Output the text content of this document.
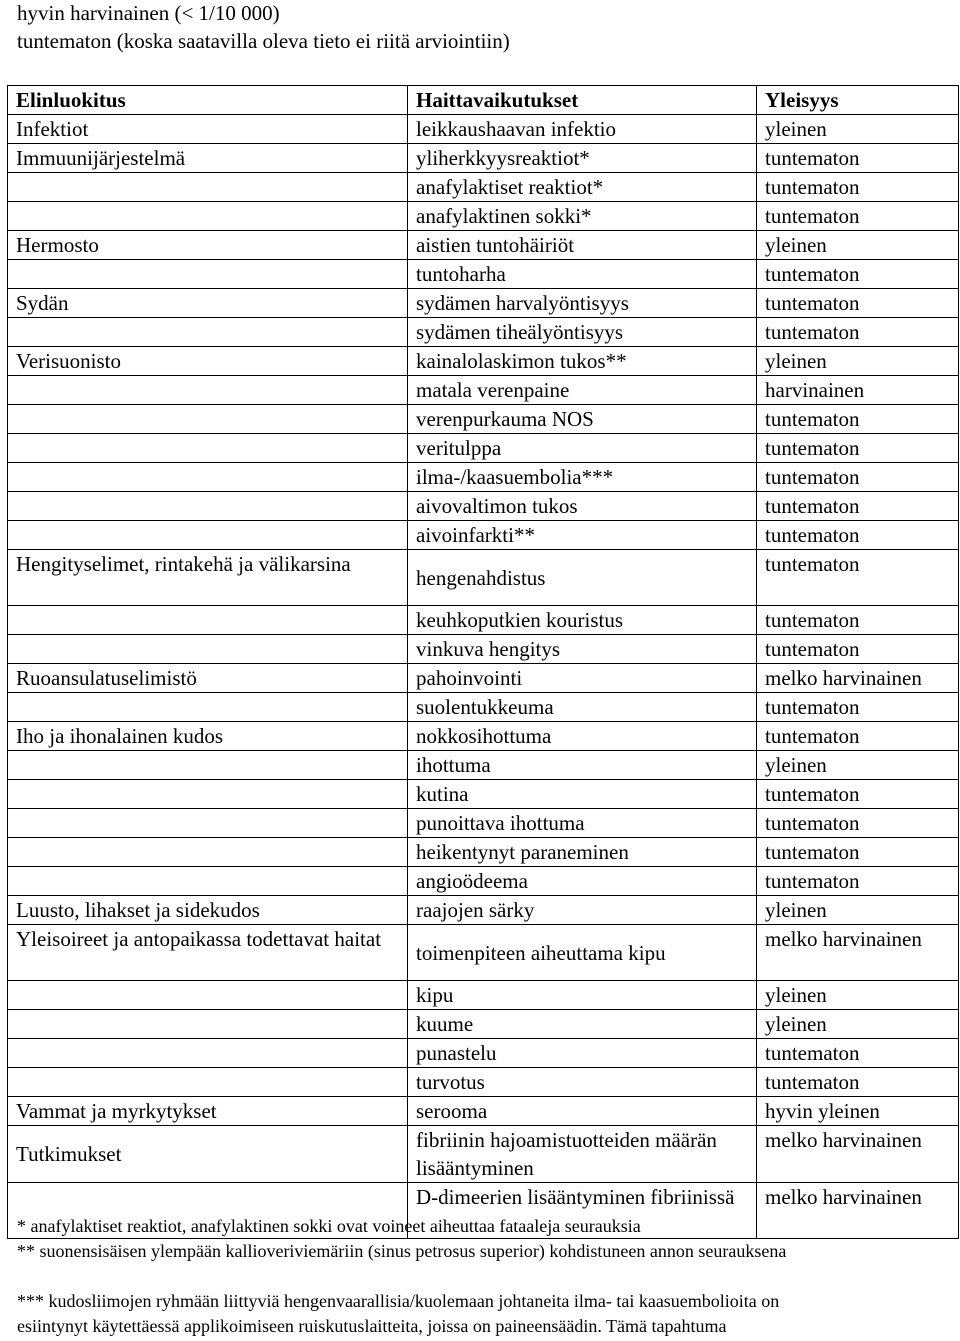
hyvin harvinainen (< 1/10 000)
tuntematon (koska saatavilla oleva tieto ei riitä arviointiin)
Elinluokitus	Haittavaikutukset	Yleisyys
Infektiot	leikkaushaavan infektio	yleinen
Immuunijärjestelmä	yliherkkyysreaktiot*	tuntematon
	anafylaktiset reaktiot*	tuntematon
	anafylaktinen sokki*	tuntematon
Hermosto	aistien tuntohäiriöt	yleinen
	tuntoharha	tuntematon
Sydän	sydämen harvalyöntisyys	tuntematon
	sydämen tiheälyöntisyys	tuntematon
Verisuonisto	kainalolaskimon tukos**	yleinen
	matala verenpaine	harvinainen
	verenpurkauma NOS	tuntematon
	veritulppa	tuntematon
	ilma-/kaasuembolia***	tuntematon
	aivovaltimon tukos	tuntematon
	aivoinfarkti**	tuntematon
Hengityselimet, rintakehä ja välikarsina	hengenahdistus	tuntematon
	keuhkoputkien kouristus	tuntematon
	vinkuva hengitys	tuntematon
Ruoansulatuselimistö	pahoinvointi	melko harvinainen
	suolentukkeuma	tuntematon
Iho ja ihonalainen kudos	nokkosihottuma	tuntematon
	ihottuma	yleinen
	kutina	tuntematon
	punoittava ihottuma	tuntematon
	heikentynyt paraneminen	tuntematon
	angioödeema	tuntematon
Luusto, lihakset ja sidekudos	raajojen särky	yleinen
Yleisoireet ja antopaikassa todettavat haitat	toimenpiteen aiheuttama kipu	melko harvinainen
	kipu	yleinen
	kuume	yleinen
	punastelu	tuntematon
	turvotus	tuntematon
Vammat ja myrkytykset	serooma	hyvin yleinen
Tutkimukset	fibriinin hajoamistuotteiden määrän lisääntyminen	melko harvinainen
	D-dimeerien lisääntyminen fibriinissä	melko harvinainen
* anafylaktiset reaktiot, anafylaktinen sokki ovat voineet aiheuttaa fataaleja seurauksia
** suonensisäisen ylempään kallioveriviemäriin (sinus petrosus superior) kohdistuneen annon seurauksena
*** kudosliimojen ryhmään liittyviä hengenvaarallisia/kuolemaan johtaneita ilma- tai kaasuembolioita on
esiintynyt käytettäessä applikoimiseen ruiskutuslaitteita, joissa on paineensäädin. Tämä tapahtuma
